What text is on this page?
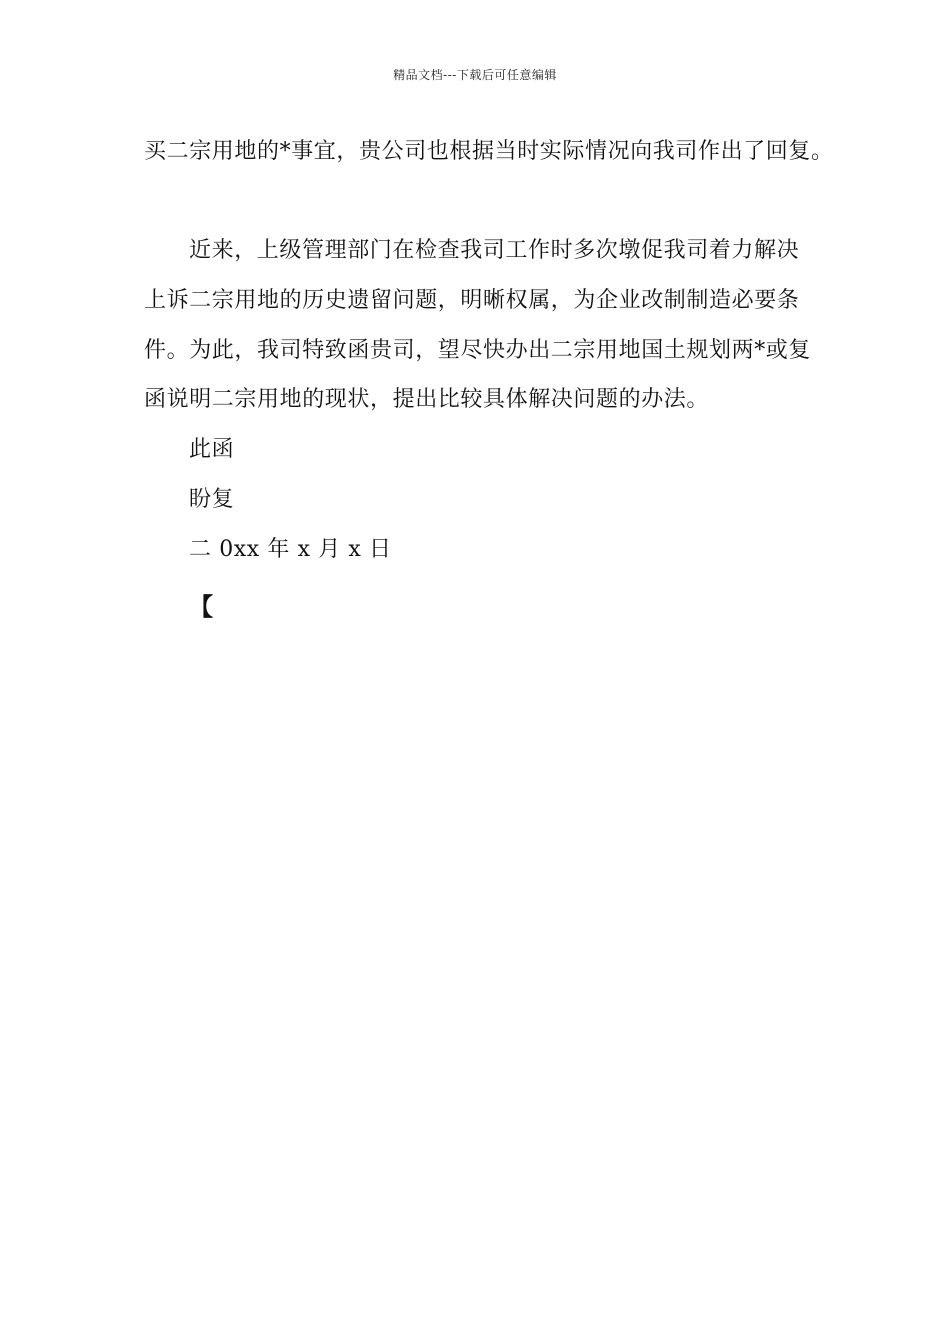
精品文档---下载后可任意编辑
买二宗用地的*事宜，贵公司也根据当时实际情况向我司作出了回复。
近来，上级管理部门在检查我司工作时多次墩促我司着力解决
上诉二宗用地的历史遗留问题，明晰权属，为企业改制制造必要条
件。为此，我司特致函贵司，望尽快办出二宗用地国土规划两*或复
函说明二宗用地的现状，提出比较具体解决问题的办法。
此函
盼复
二 0xx 年 x 月 x 日
【
